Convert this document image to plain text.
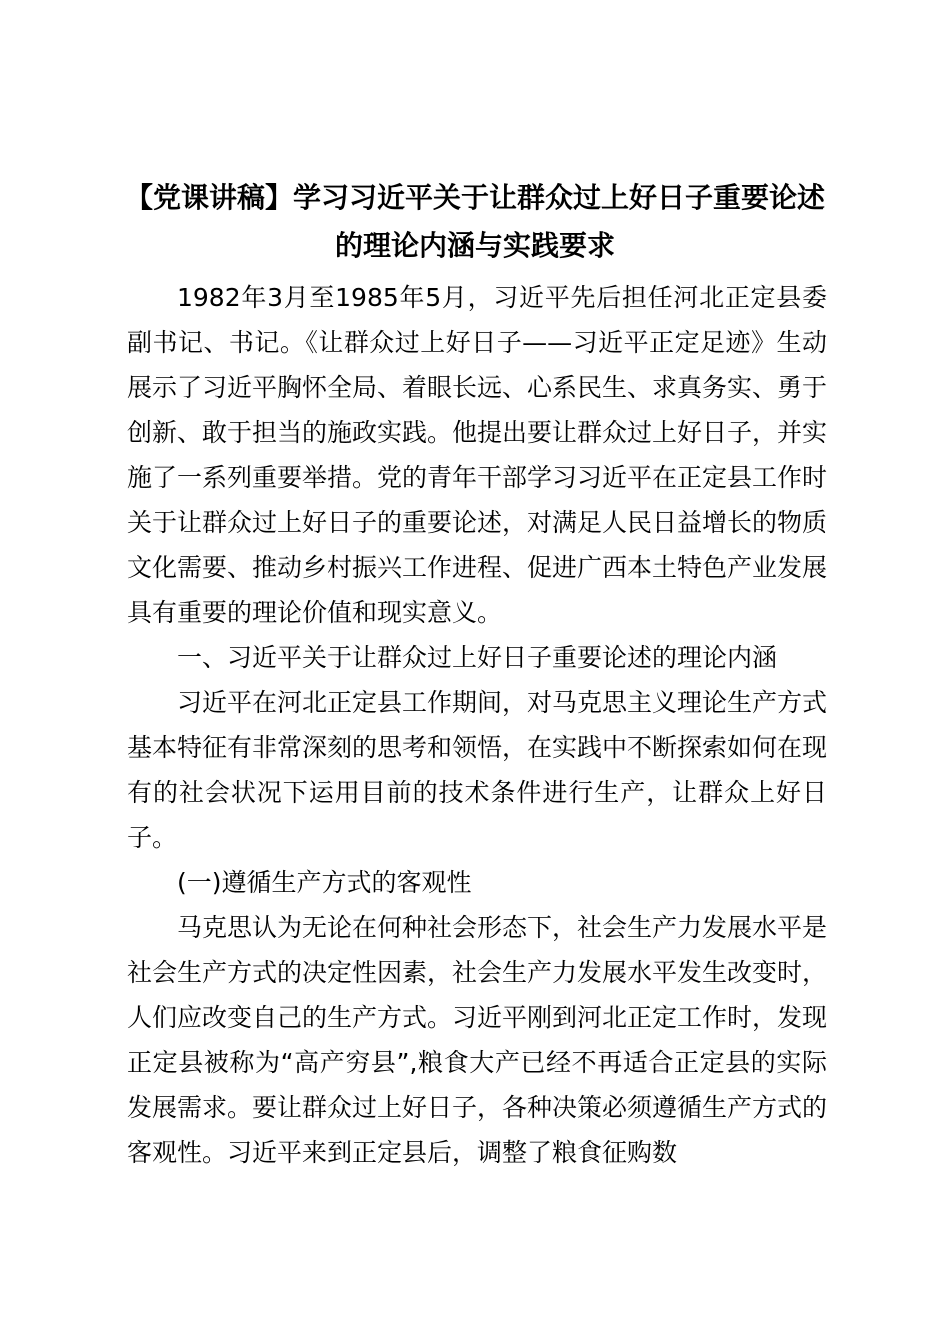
【党课讲稿】学习习近平关于让群众过上好日子重要论述的理论内涵与实践要求

1982年3月至1985年5月，习近平先后担任河北正定县委副书记、书记。《让群众过上好日子——习近平正定足迹》生动展示了习近平胸怀全局、着眼长远、心系民生、求真务实、勇于创新、敢于担当的施政实践。他提出要让群众过上好日子，并实施了一系列重要举措。党的青年干部学习习近平在正定县工作时关于让群众过上好日子的重要论述，对满足人民日益增长的物质文化需要、推动乡村振兴工作进程、促进广西本土特色产业发展具有重要的理论价值和现实意义。

一、习近平关于让群众过上好日子重要论述的理论内涵

习近平在河北正定县工作期间，对马克思主义理论生产方式基本特征有非常深刻的思考和领悟，在实践中不断探索如何在现有的社会状况下运用目前的技术条件进行生产，让群众上好日子。

(一)遵循生产方式的客观性

马克思认为无论在何种社会形态下，社会生产力发展水平是社会生产方式的决定性因素，社会生产力发展水平发生改变时，人们应改变自己的生产方式。习近平刚到河北正定工作时，发现正定县被称为“高产穷县”,粮食大产已经不再适合正定县的实际发展需求。要让群众过上好日子，各种决策必须遵循生产方式的客观性。习近平来到正定县后，调整了粮食征购数
